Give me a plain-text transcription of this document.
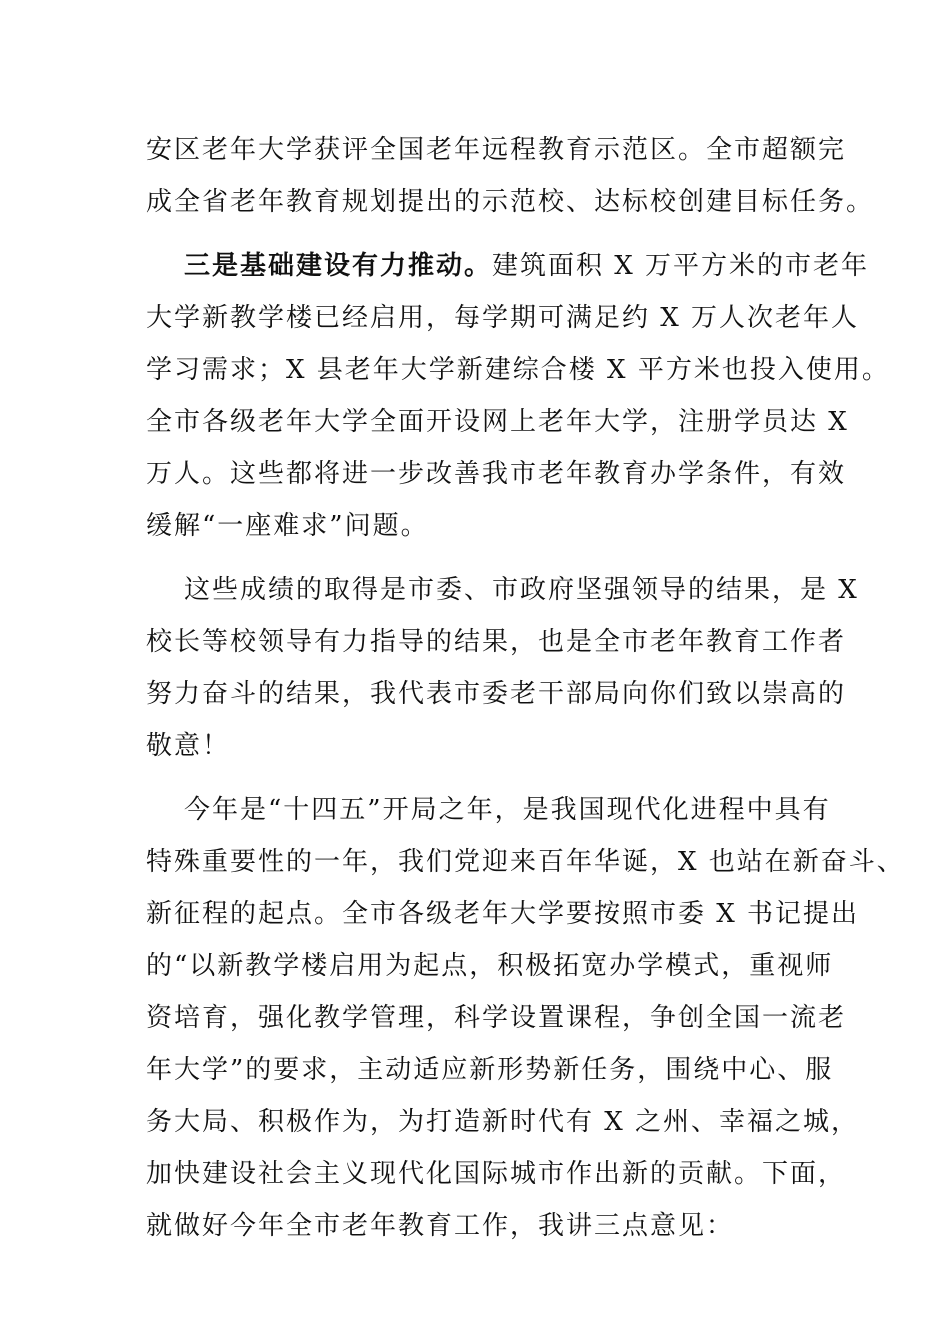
安区老年大学获评全国老年远程教育示范区。全市超额完
成全省老年教育规划提出的示范校、达标校创建目标任务。
三是基础建设有力推动。建筑面积 X 万平方米的市老年
大学新教学楼已经启用，每学期可满足约 X 万人次老年人
学习需求；X 县老年大学新建综合楼 X 平方米也投入使用。
全市各级老年大学全面开设网上老年大学，注册学员达 X
万人。这些都将进一步改善我市老年教育办学条件，有效
缓解“一座难求”问题。
这些成绩的取得是市委、市政府坚强领导的结果，是 X
校长等校领导有力指导的结果，也是全市老年教育工作者
努力奋斗的结果，我代表市委老干部局向你们致以崇高的
敬意！
今年是“十四五”开局之年，是我国现代化进程中具有
特殊重要性的一年，我们党迎来百年华诞，X 也站在新奋斗、
新征程的起点。全市各级老年大学要按照市委 X 书记提出
的“以新教学楼启用为起点，积极拓宽办学模式，重视师
资培育，强化教学管理，科学设置课程，争创全国一流老
年大学”的要求，主动适应新形势新任务，围绕中心、服
务大局、积极作为，为打造新时代有 X 之州、幸福之城，
加快建设社会主义现代化国际城市作出新的贡献。下面，
就做好今年全市老年教育工作，我讲三点意见：
